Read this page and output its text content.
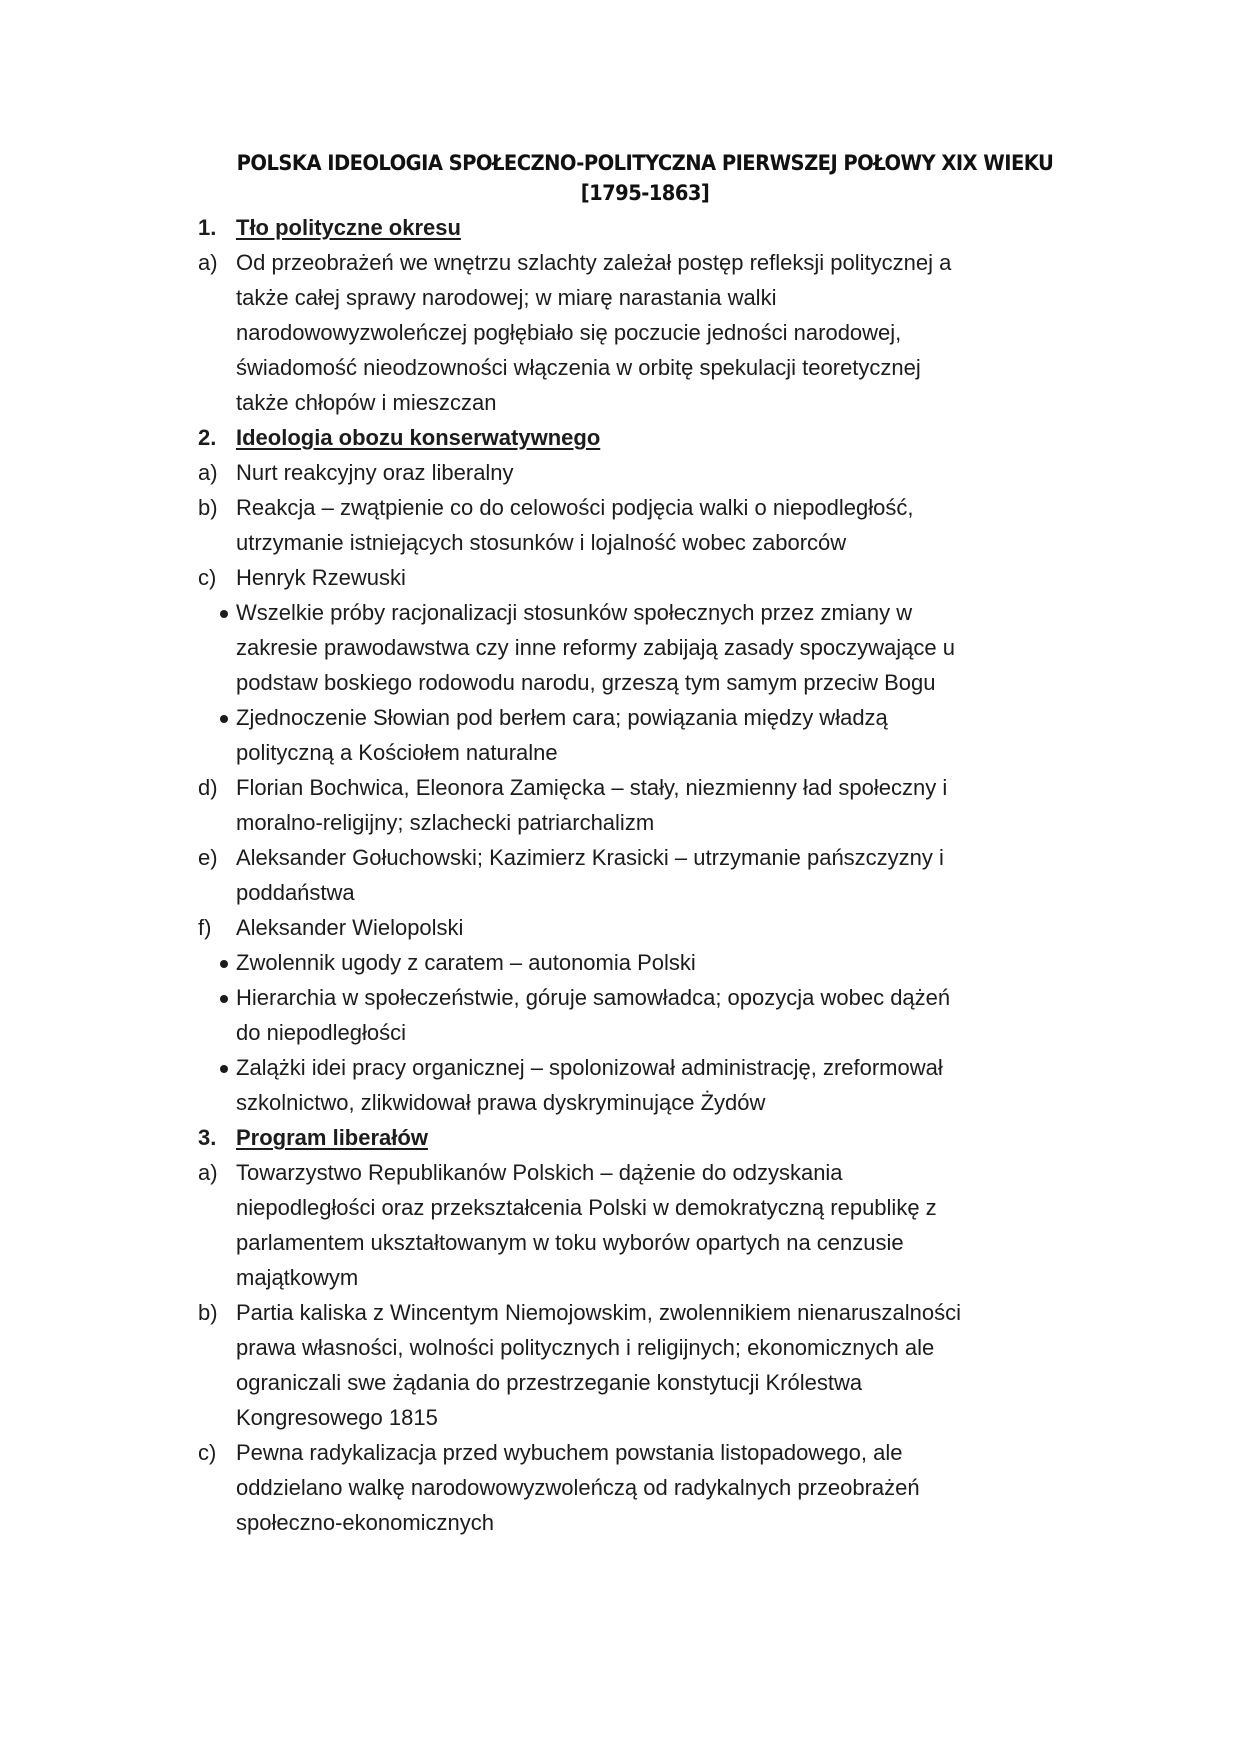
POLSKA IDEOLOGIA SPOŁECZNO-POLITYCZNA PIERWSZEJ POŁOWY XIX WIEKU
[1795-1863]
1. Tło polityczne okresu
a) Od przeobrażeń we wnętrzu szlachty zależał postęp refleksji politycznej a
także całej sprawy narodowej; w miarę narastania walki
narodowowyzwoleńczej pogłębiało się poczucie jedności narodowej,
świadomość nieodzowności włączenia w orbitę spekulacji teoretycznej
także chłopów i mieszczan
2. Ideologia obozu konserwatywnego
a) Nurt reakcyjny oraz liberalny
b) Reakcja – zwątpienie co do celowości podjęcia walki o niepodległość,
utrzymanie istniejących stosunków i lojalność wobec zaborców
c) Henryk Rzewuski
Wszelkie próby racjonalizacji stosunków społecznych przez zmiany w
zakresie prawodawstwa czy inne reformy zabijają zasady spoczywające u
podstaw boskiego rodowodu narodu, grzeszą tym samym przeciw Bogu
Zjednoczenie Słowian pod berłem cara; powiązania między władzą
polityczną a Kościołem naturalne
d) Florian Bochwica, Eleonora Zamięcka – stały, niezmienny ład społeczny i
moralno-religijny; szlachecki patriarchalizm
e) Aleksander Gołuchowski; Kazimierz Krasicki – utrzymanie pańszczyzny i
poddaństwa
f) Aleksander Wielopolski
Zwolennik ugody z caratem – autonomia Polski
Hierarchia w społeczeństwie, góruje samowładca; opozycja wobec dążeń
do niepodległości
Zalążki idei pracy organicznej – spolonizował administrację, zreformował
szkolnictwo, zlikwidował prawa dyskryminujące Żydów
3. Program liberałów
a) Towarzystwo Republikanów Polskich – dążenie do odzyskania
niepodległości oraz przekształcenia Polski w demokratyczną republikę z
parlamentem ukształtowanym w toku wyborów opartych na cenzusie
majątkowym
b) Partia kaliska z Wincentym Niemojowskim, zwolennikiem nienaruszalności
prawa własności, wolności politycznych i religijnych; ekonomicznych ale
ograniczali swe żądania do przestrzeganie konstytucji Królestwa
Kongresowego 1815
c) Pewna radykalizacja przed wybuchem powstania listopadowego, ale
oddzielano walkę narodowowyzwoleńczą od radykalnych przeobrażeń
społeczno-ekonomicznych
